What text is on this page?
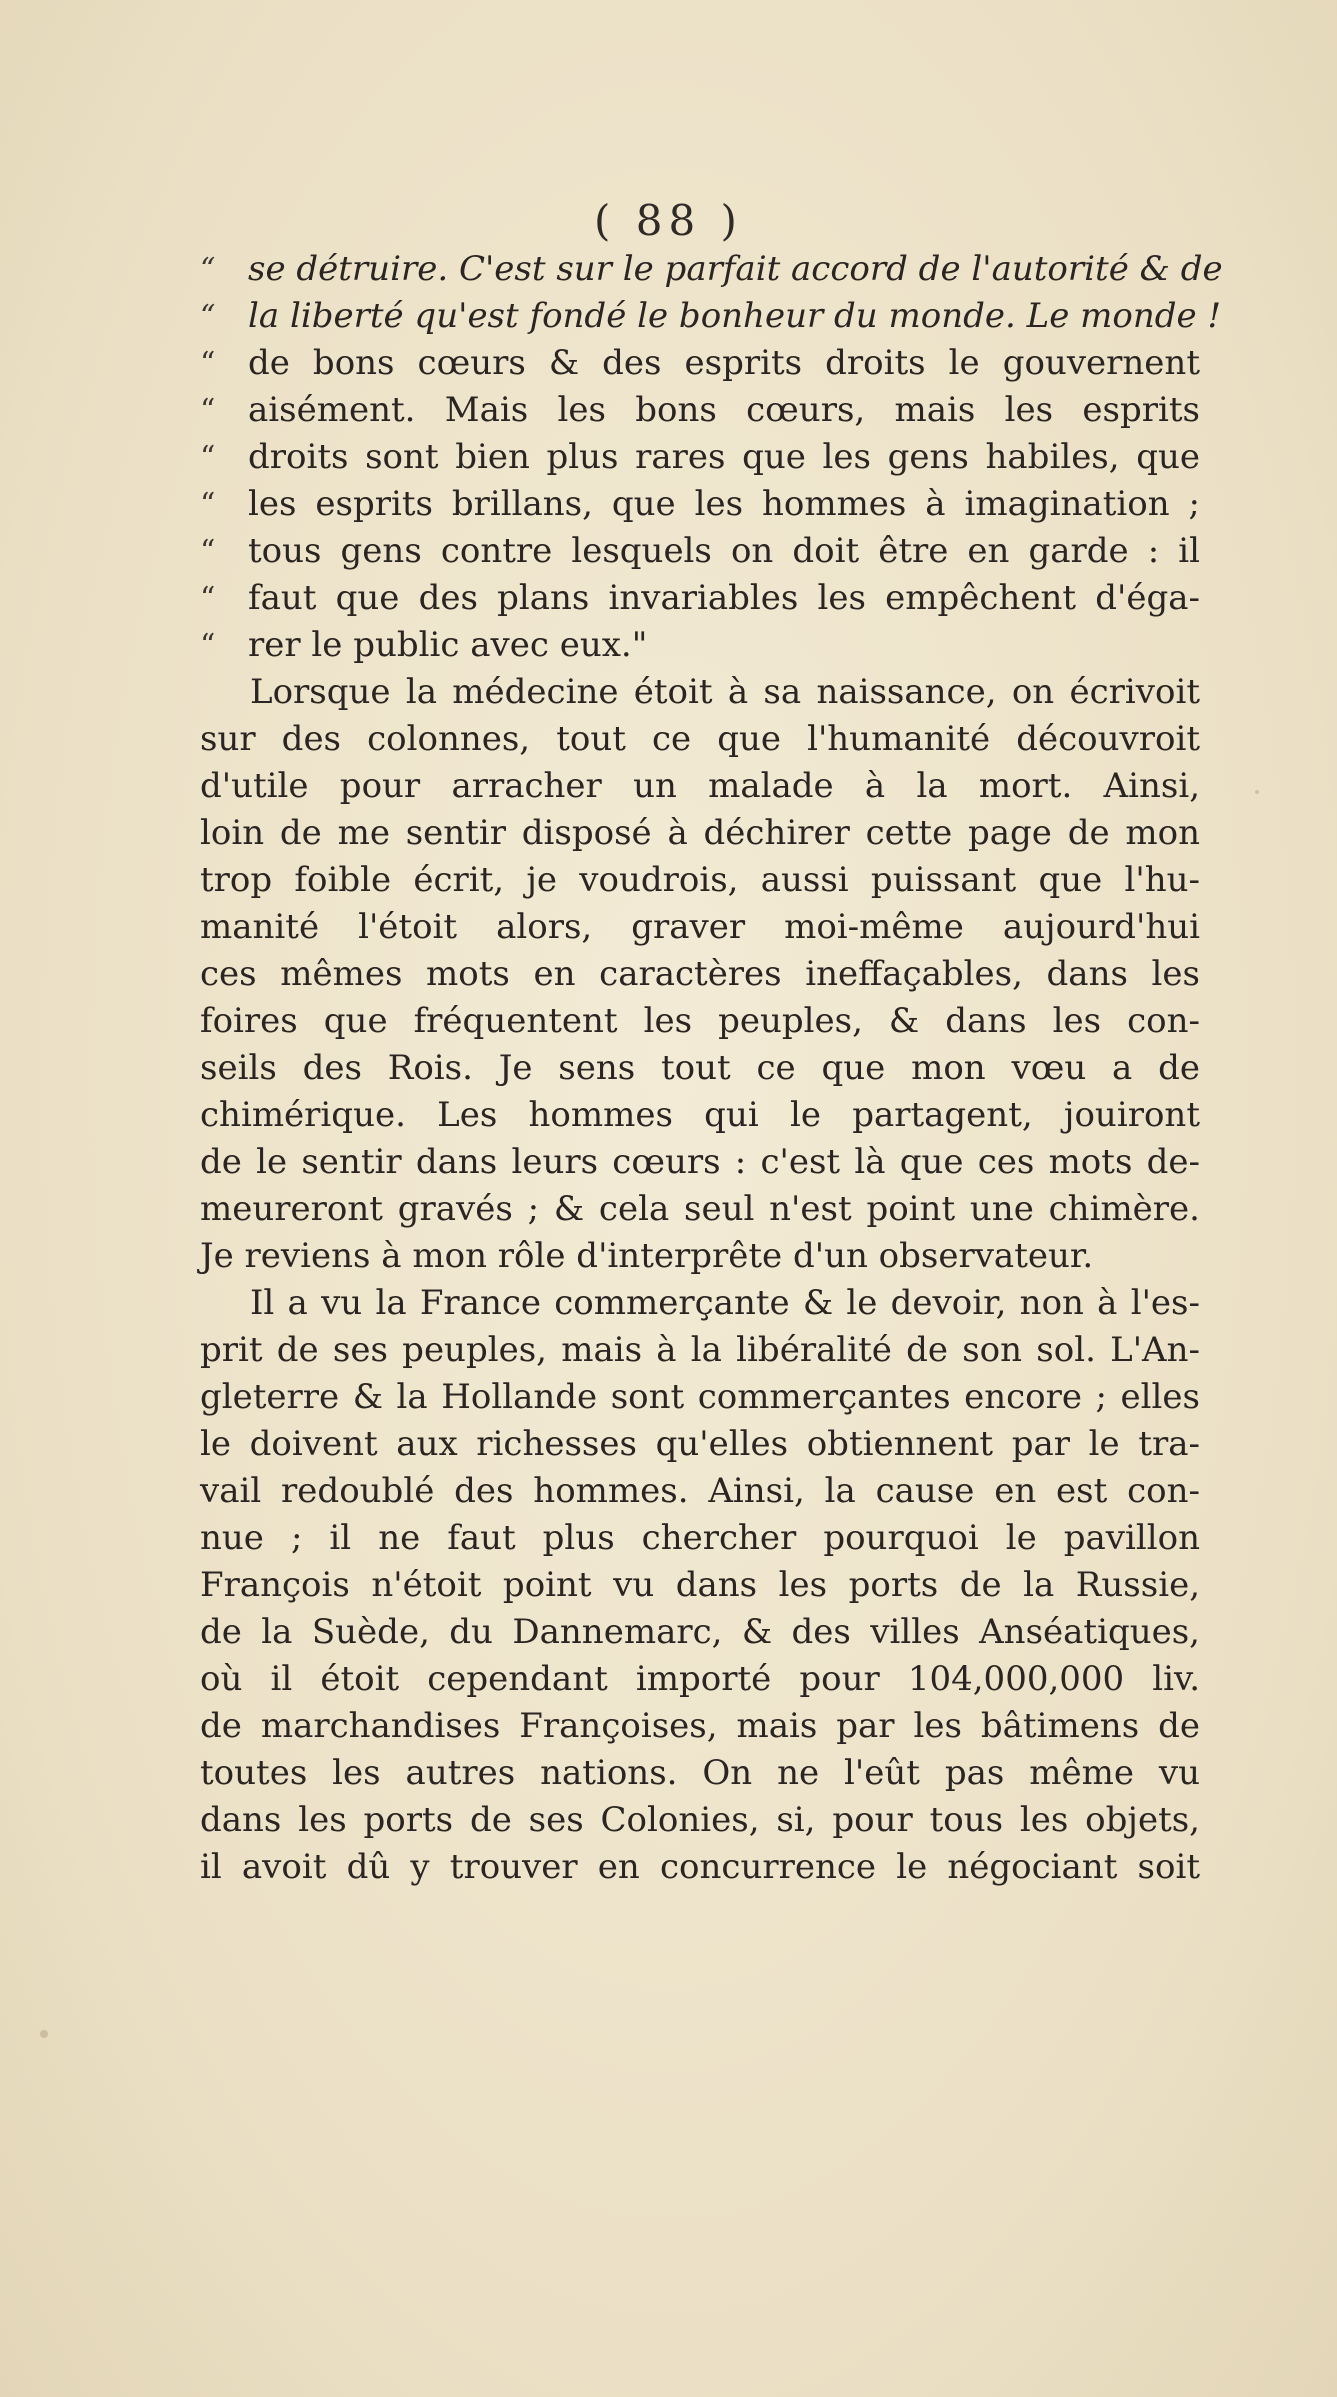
( 88 )
“ se détruire. C'est sur le parfait accord de l'autorité & de
“ la liberté qu'est fondé le bonheur du monde. Le monde !
“ de bons cœurs & des esprits droits le gouvernent
“ aisément. Mais les bons cœurs, mais les esprits
“ droits sont bien plus rares que les gens habiles, que
“ les esprits brillans, que les hommes à imagination ;
“ tous gens contre lesquels on doit être en garde : il
“ faut que des plans invariables les empêchent d'éga-
“ rer le public avec eux."
Lorsque la médecine étoit à sa naissance, on écrivoit
sur des colonnes, tout ce que l'humanité découvroit
d'utile pour arracher un malade à la mort. Ainsi,
loin de me sentir disposé à déchirer cette page de mon
trop foible écrit, je voudrois, aussi puissant que l'hu-
manité l'étoit alors, graver moi-même aujourd'hui
ces mêmes mots en caractères ineffaçables, dans les
foires que fréquentent les peuples, & dans les con-
seils des Rois. Je sens tout ce que mon vœu a de
chimérique. Les hommes qui le partagent, jouiront
de le sentir dans leurs cœurs : c'est là que ces mots de-
meureront gravés ; & cela seul n'est point une chimère.
Je reviens à mon rôle d'interprête d'un observateur.
Il a vu la France commerçante & le devoir, non à l'es-
prit de ses peuples, mais à la libéralité de son sol. L'An-
gleterre & la Hollande sont commerçantes encore ; elles
le doivent aux richesses qu'elles obtiennent par le tra-
vail redoublé des hommes. Ainsi, la cause en est con-
nue ; il ne faut plus chercher pourquoi le pavillon
François n'étoit point vu dans les ports de la Russie,
de la Suède, du Dannemarc, & des villes Anséatiques,
où il étoit cependant importé pour 104,000,000 liv.
de marchandises Françoises, mais par les bâtimens de
toutes les autres nations. On ne l'eût pas même vu
dans les ports de ses Colonies, si, pour tous les objets,
il avoit dû y trouver en concurrence le négociant soit
